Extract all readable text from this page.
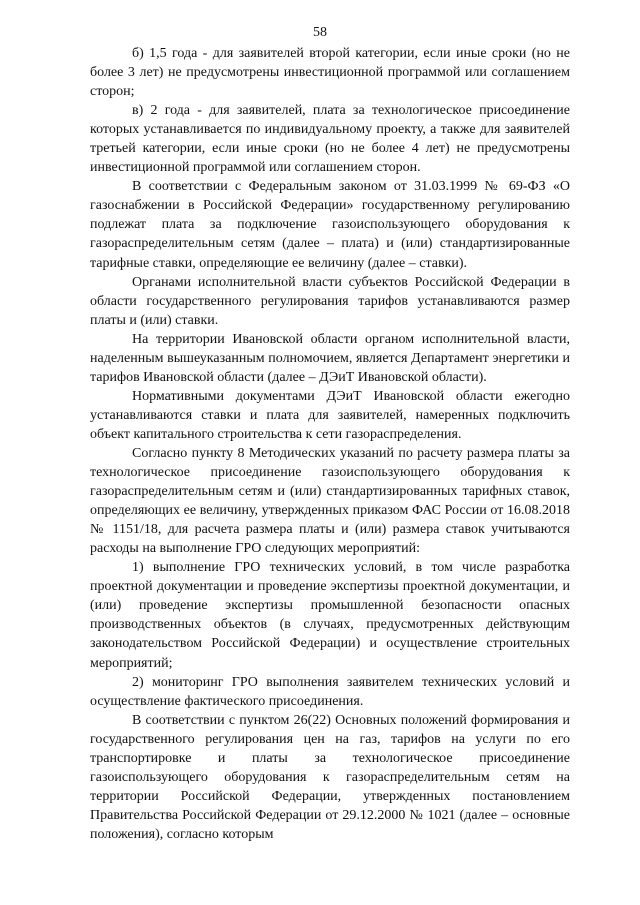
58

б) 1,5 года - для заявителей второй категории, если иные сроки (но не более 3 лет) не предусмотрены инвестиционной программой или соглашением сторон;

в) 2 года - для заявителей, плата за технологическое присоединение которых устанавливается по индивидуальному проекту, а также для заявителей третьей категории, если иные сроки (но не более 4 лет) не предусмотрены инвестиционной программой или соглашением сторон.

В соответствии с Федеральным законом от 31.03.1999 № 69-ФЗ «О газоснабжении в Российской Федерации» государственному регулированию подлежат плата за подключение газоиспользующего оборудования к газораспределительным сетям (далее – плата) и (или) стандартизированные тарифные ставки, определяющие ее величину (далее – ставки).

Органами исполнительной власти субъектов Российской Федерации в области государственного регулирования тарифов устанавливаются размер платы и (или) ставки.

На территории Ивановской области органом исполнительной власти, наделенным вышеуказанным полномочием, является Департамент энергетики и тарифов Ивановской области (далее – ДЭиТ Ивановской области).

Нормативными документами ДЭиТ Ивановской области ежегодно устанавливаются ставки и плата для заявителей, намеренных подключить объект капитального строительства к сети газораспределения.

Согласно пункту 8 Методических указаний по расчету размера платы за технологическое присоединение газоиспользующего оборудования к газораспределительным сетям и (или) стандартизированных тарифных ставок, определяющих ее величину, утвержденных приказом ФАС России от 16.08.2018 № 1151/18, для расчета размера платы и (или) размера ставок учитываются расходы на выполнение ГРО следующих мероприятий:

1) выполнение ГРО технических условий, в том числе разработка проектной документации и проведение экспертизы проектной документации, и (или) проведение экспертизы промышленной безопасности опасных производственных объектов (в случаях, предусмотренных действующим законодательством Российской Федерации) и осуществление строительных мероприятий;

2) мониторинг ГРО выполнения заявителем технических условий и осуществление фактического присоединения.

В соответствии с пунктом 26(22) Основных положений формирования и государственного регулирования цен на газ, тарифов на услуги по его транспортировке и платы за технологическое присоединение газоиспользующего оборудования к газораспределительным сетям на территории Российской Федерации, утвержденных постановлением Правительства Российской Федерации от 29.12.2000 № 1021 (далее – основные положения), согласно которым
